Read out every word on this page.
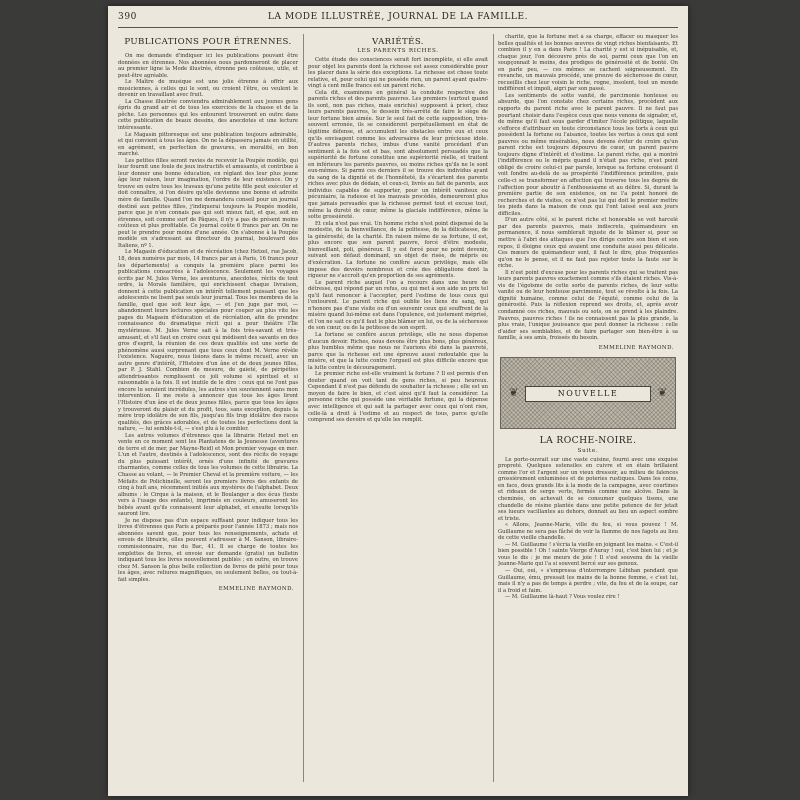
390	LA MODE ILLUSTRÉE, JOURNAL DE LA FAMILLE.
PUBLICATIONS POUR ÉTRENNES.

On me demande d'indiquer ici les publications pouvant être données en étrennes. Nos abonnées nous pardonneront de placer au premier ligne la Mode illustrée, étrenne peu coûteuse, utile, et peut-être agréable.

Le Maître de musique est une jolie étrenne à offrir aux musiciennes, à celles qui le sont, ou croient l'être, ou veulent le devenir en travaillant avec fruit.

La Chasse illustrée conviendra admirablement aux jeunes gens épris du grand air et de tous les exercices de la chasse et de la pêche. Les personnes qui les entourent trouveront en outre dans cette publication de beaux dessins, des anecdotes et une lecture intéressante.

Le Magasin pittoresque est une publication toujours admirable, et qui convient à tous les âges. On ne la dépassera jamais en utilité, en agrément, en perfection de gravures, en moralité, en bon marché.

Les petites filles seront ravies de recevoir la Poupée modèle, qui leur fournit une foule de jeux instructifs et amusants, et contribue à leur donner une bonne éducation, en réglant des leur plus jeune âge leur raison, leur imagination, l'ordre de leur existence. On y trouve en outre tous les travaux qu'une petite fille peut exécuter et doit connaître, si l'on désire qu'elle devienne une bonne et adroite mère de famille. Quand l'on me demandera conseil pour un journal destiné aux petites filles, j'indiquerai toujours la Poupée modèle, parce que je n'en connais pas qui soit mieux fait, et que, soit en étrennes, soit comme surf de Pâques, il n'y a pas de présent moins coûteux et plus profitable. Ce journal coûte 6 francs par an. On ne peut le prendre pour moins d'une année. On s'abonne à la Poupée modèle en s'adressant au directeur du journal, boulevard des Italiens, nº 1.

Le Magasin d'éducation et de récréation (chez Hetzel, rue Jacob, 18, deux numéros par mois, 14 francs par an à Paris, 16 francs pour les départements) a conquis la première place parmi les publications consacrées à l'adolescence. Seulement les voyages écrits par M. Jules Verne, les aventures, anecdotes, récits de tout ordre, la Morale familière, qui enrichissent chaque livraison, donnent à cette publication un intérêt tellement puissant que les adolescents ne lisent pas seuls leur journal. Tous les membres de la famille, quel que soit leur âge, — et j'en juge par moi, — abandonnent leurs lectures spéciales pour couper au plus vite les pages du Magasin d'éducation et de récréation, afin de prendre connaissance du dramatique récit qui a pour théâtre l'Île mystérieuse. M. Jules Verne sait à la fois très-savant et très-amusant, et s'il faut en croire ceux qui médisent des savants en des gros d'esprit, la réunion de ces deux qualités est une sorte de phénomène aussi surprenant que tous ceux dont M. Verne révèle l'existence. Naguère, nous lisions dans le même recueil, avec un autre genre d'intérêt, l'Histoire d'un âne et de deux jeunes filles, par P. J. Stahl. Combien de mesure, de gaieté, de péripéties attendrissantes remplissent ce joli volume si spirituel et si raisonnable à la fois. Il est inutile de le dire : ceux qui ne l'ont pas encore lu seraient incrédules, les autres s'en souviennent sans mon intervention. Il me reste à annoncer que tous les âges liront l'Histoire d'un âne et de deux jeunes filles, parce que tous les âges y trouveront du plaisir et du profit, tous, sans exception, depuis la mère trop idolâtre de son fils, jusqu'au fils trop idolâtre des races qualités, des grâces adorables, et de toutes les perfections dont la nature, — lui semble-t-il, — s'est plu à le combler.

Les autres volumes d'étrennes que la librairie Hetzel met en vente en ce moment sont les Plantatens de la Jeunesse (aventures de terre et de mer, par Mayne-Reid) et Mon premier voyage en mer. L'un et l'autre, destinés à l'adolescence, sont des récits de voyage du plus puissant intérêt, ornés d'une infinité de gravures charmantes, comme celles de tous les volumes de cette librairie. La Chasse au volant, — le Premier Cheval et la première voiture, — les Méfaits de Polichinelle, seront les premiers livres des enfants de cinq à huit ans, récemment initiés aux mystères de l'alphabet. Deux albums : le Cirque à la maison, et le Boulanger a des écus (texte vers à l'usage des enfants), imprimés en couleurs, amuseront les bébés avant qu'ils connaissent leur alphabet, et ensuite lorsqu'ils sauront lire.

Je ne dispose pas d'un espace suffisant pour indiquer tous les livres d'étrennes que Paris a préparés pour l'année 1873 ; mais nos abonnées savent que, pour tous les renseignements, achats et envois de librairie, elles peuvent s'adresser à M. Sanson, libraire-commissionnaire, rue du Bac, 41. Il se charge de toutes les emplettes de livres, et envoie sur demande (gratis) un bulletin indiquant tous les livres nouvellement publiés ; en outre, on trouve chez M. Sanson la plus belle collection de livres de piété pour tous les âges, avec reliures magnifiques, ou seulement belles, ou tout-à-fait simples.

EMMELINE RAYMOND.
VARIÉTÉS.
LES PARENTS RICHES.

Cette étude des consciences serait fort incomplète, si elle avait pour objet les parents dont la richesse est assez considérable pour les placer dans la série des exceptions. La richesse est chose toute relative, et, pour celui qui ne possède rien, un parent ayant quatre-vingt à cent mille francs est un parent riche.

Cela dit, examinons en général la conduite respective des parents riches et des parents pauvres. Les premiers (surtout quand ils sont, non pas riches, mais enrichis) supposent à priori, chez leurs parents pauvres, le dessein très-arrêté de faire le siège de leur fortune bien aimée. Sur le seul fait de cette supposition, très-souvent erronée, ils se considèrent perpétuellement en état de légitime défense, et accumulent les obstacles entre eux et ceux qu'ils envisagent comme les adversaires de leur précieuse idole. D'autres parents riches, imbus d'une vanité procédant d'un sentiment à la fois sot et bas, sont absolument persuadés que la supériorité de fortune constitue une supériorité réelle, et traitent en inférieurs les parents pauvres, ou moins riches qu'ils ne le sont eux-mêmes. Si parmi ces derniers il se trouve des individus ayant du sang de la dignité et de l'honnêteté, ils s'écartent des parents riches avec plus de dédain, et ceux-ci, livrés au fait de parents, aux individus capables de supporter, pour un intérêt vaniteux ou pécuniaire, la rudesse et les mauvais procédés, demeureront plus que jamais persuadés que la richesse permet tout et excuse tout, même la dureté de cœur, même la glaciale indifférence, même la sotte grossièreté.

Et cela n'est pas vrai. Un homme riche n'est point dispensé de la modestie, de la bienveillance, de la politesse, de la délicatesse, de la générosité, de la charité. En raison même de sa fortune, il est, plus encore que son parent pauvre, forcé d'être modeste, bienveillant, poli, généreux. Il y est forcé pour ne point devenir, suivant son défaut dominant, un objet de risée, de mépris ou d'exécration. La fortune ne confère aucun privilège, mais elle impose des devoirs nombreux et crée des obligations dont la rigueur ne s'accroît qu'en proportion de ses agréments.

Le parent riche auquel l'on a recours dans une heure de détresse, qui répond par un refus, ou qui met à son aide un prix tel qu'il faut renoncer à l'accepter, perd l'estime de tous ceux qui l'entourent. Le parent riche qui oublie les liens du sang, qui n'honore pas d'une visite ou d'un souvenir ceux qui souffrent de la misère quand lui-même est dans l'opulence, est justement méprisé, et l'on ne sait ce qu'il faut le plus blâmer en lui, ou de la sécheresse de son cœur, ou de la petitesse de son esprit.

La fortune se confère aucun privilège, elle ne nous dispense d'aucun devoir. Riches, nous devons être plus bons, plus généreux, plus humbles même que nous ne l'aurions été dans la pauvreté, parce que la richesse est une épreuve aussi redoutable que la misère, et que la lutte contre l'orgueil est plus difficile encore que la lutte contre le découragement.

Le premier riche est-elle vraiment la fortune ? Il est permis d'en douter quand on voit tant de gens riches, si peu heureux. Cependant il n'est pas défendu de souhaiter la richesse ; elle est un moyen de faire le bien, et c'est ainsi qu'il faut la considérer. La personne riche qui possède une véritable fortune, qui la dépense avec intelligence et qui sait la partager avec ceux qui n'ont rien, celle-là a droit à l'estime et au respect de tous, parce qu'elle comprend ses devoirs et qu'elle les remplit.

charité, que la fortune met à sa charge, effacer ou masquer les belles qualités et les bonnes œuvres de vingt riches bienfaisants. Et combien il y en a dans Paris ! La charité y est si inépuisable, et, chaque jour, l'on découvre près de soi, parmi ceux que l'on en soupçonnait le moins, des prodiges de générosité et de bonté. On en parle peu, — ces mêmes se cachent soigneusement. En revanche, un mauvais procédé, une preuve de sécheresse de cœur, recueillis chez leur voisin le riche, rogne, insolent, tout un monde indifférent et impoli, aigri par son passé.

Les sentiments de sotte vanité, de parcimonie honteuse ou absurde, que l'on constate chez certains riches, procèdent aux rapports du parent riche avec le parent pauvre. Il ne faut pas pourtant choisir dans l'espèce ceux que nous venons de signaler, et, de même qu'il faut sous garder d'imiter l'école politique, laquelle s'efforce d'attribuer en toute circonstance tous les torts à ceux qui possèdent la fortune ou l'aisance, toutes les vertus à ceux qui sont pauvres ou même misérables, nous devons éviter de croire qu'un parent riche est toujours dépourvu de cœur, un parent pauvre toujours digne d'intérêt et d'estime. Le parent riche, qui a montré l'indifférence ou le mépris quand il n'était pas riche, n'est point obligé de croire celui-ci par parole, lorsque sa fortune croissant il voit fondre au-delà de sa prospérité l'indifférence primitive, puis celle-ci se transformer en affection qui traverse tous les degrés de l'affection pour aboutir à l'enthousiasme et au délire. Si, durant la première partie de son existence, on ne l'a point honoré de recherches et de visites, ce n'est pas lui qui doit le premier mettre les pieds dans la maison de ceux qui l'ont laissé seul aux jours difficiles.

D'un autre côté, si le parent riche et honorable se voit harcelé par des parents pauvres, mais indiscrets, quémandeurs en permanence, il nous semblerait injuste de le blâmer si, pour se mettre à l'abri des attaques que l'on dirige contre son bien et son repos, il éloigne ceux qui avaient une conduite aussi peu délicate. Ces mœurs de quémandeur sont, il faut le dire, plus fréquentes qu'on ne le pense, et il ne faut pas rejeter toute la faute sur le riche.

Il n'est point d'excuse pour les parents riches qui se traitent pas leurs parents pauvres exactement comme s'ils étaient riches. Vis-à-vis de l'égoïsme de cette sorte de parents riches, de leur sotte vanité ou de leur honteuse parcimonie, tout se révolte à la fois. La dignité humaine, comme celui de l'équité, comme celui de la générosité. Puis la réflexion reprend ses droits, et, après avoir condamné ces riches, mauvais ou sots, on se prend à les plaindre. Pauvres, pauvres riches ! ils ne connaissent pas la plus grande, la plus vraie, l'unique jouissance que peut donner la richesse : celle d'aider ses semblables, et de faire partager son bien-être à sa famille, à ses amis, froissés du besoin.

EMMELINE RAYMOND.
❦	NOUVELLE	❦
LA ROCHE-NOIRE.
Suite.

Le porte-ouvrait sur une vaste cuisine, fourni avec une exquise propreté. Quelques ustensiles en cuivre et en étain brillaient comme l'or et l'argent sur un vieux dressoir, au milieu de faïences grossièrement enluminées et de poteries rustiques. Dans les coins, en face, deux grands lits à la mode de la campagne, avec courtines et rideaux de serge verte, fermés comme une alcôve. Dans la cheminée, on achevait de se consumer quelques tisons, une chandelle de résine plantée dans une petite potence de fer jetait ses lueurs vacillantes au dehors, donnait au lieu un aspect sombre et triste.

« Allons, Jeanne-Marie, ville du feu, si vous pouvez ! M. Guillaume ne sera pas fâché de voir la flamme de nos fagots au lieu de cette vieille chandelle.

— M. Guillaume ! s'écria la vieille en joignant les mains. « C'est-il bien possible ! Oh ! sainte Vierge d'Auray ! oui, c'est bien lui ; et je vous le dis : je me meurs de joie ! Il s'est souvenu de la vieille Jeanne-Marie qui l'a si souvent bercé sur ses genoux.

— Oui, oui, » s'empressa d'interrompre Lébihan pendant que Guillaume, ému, pressait les mains de la bonne femme, « c'est lui, mais il n'y a pas de temps à perdre ; vite, du feu et de la soupe, car il a froid et faim.

— M. Guillaume là-haut ? Vous voulez rire !
